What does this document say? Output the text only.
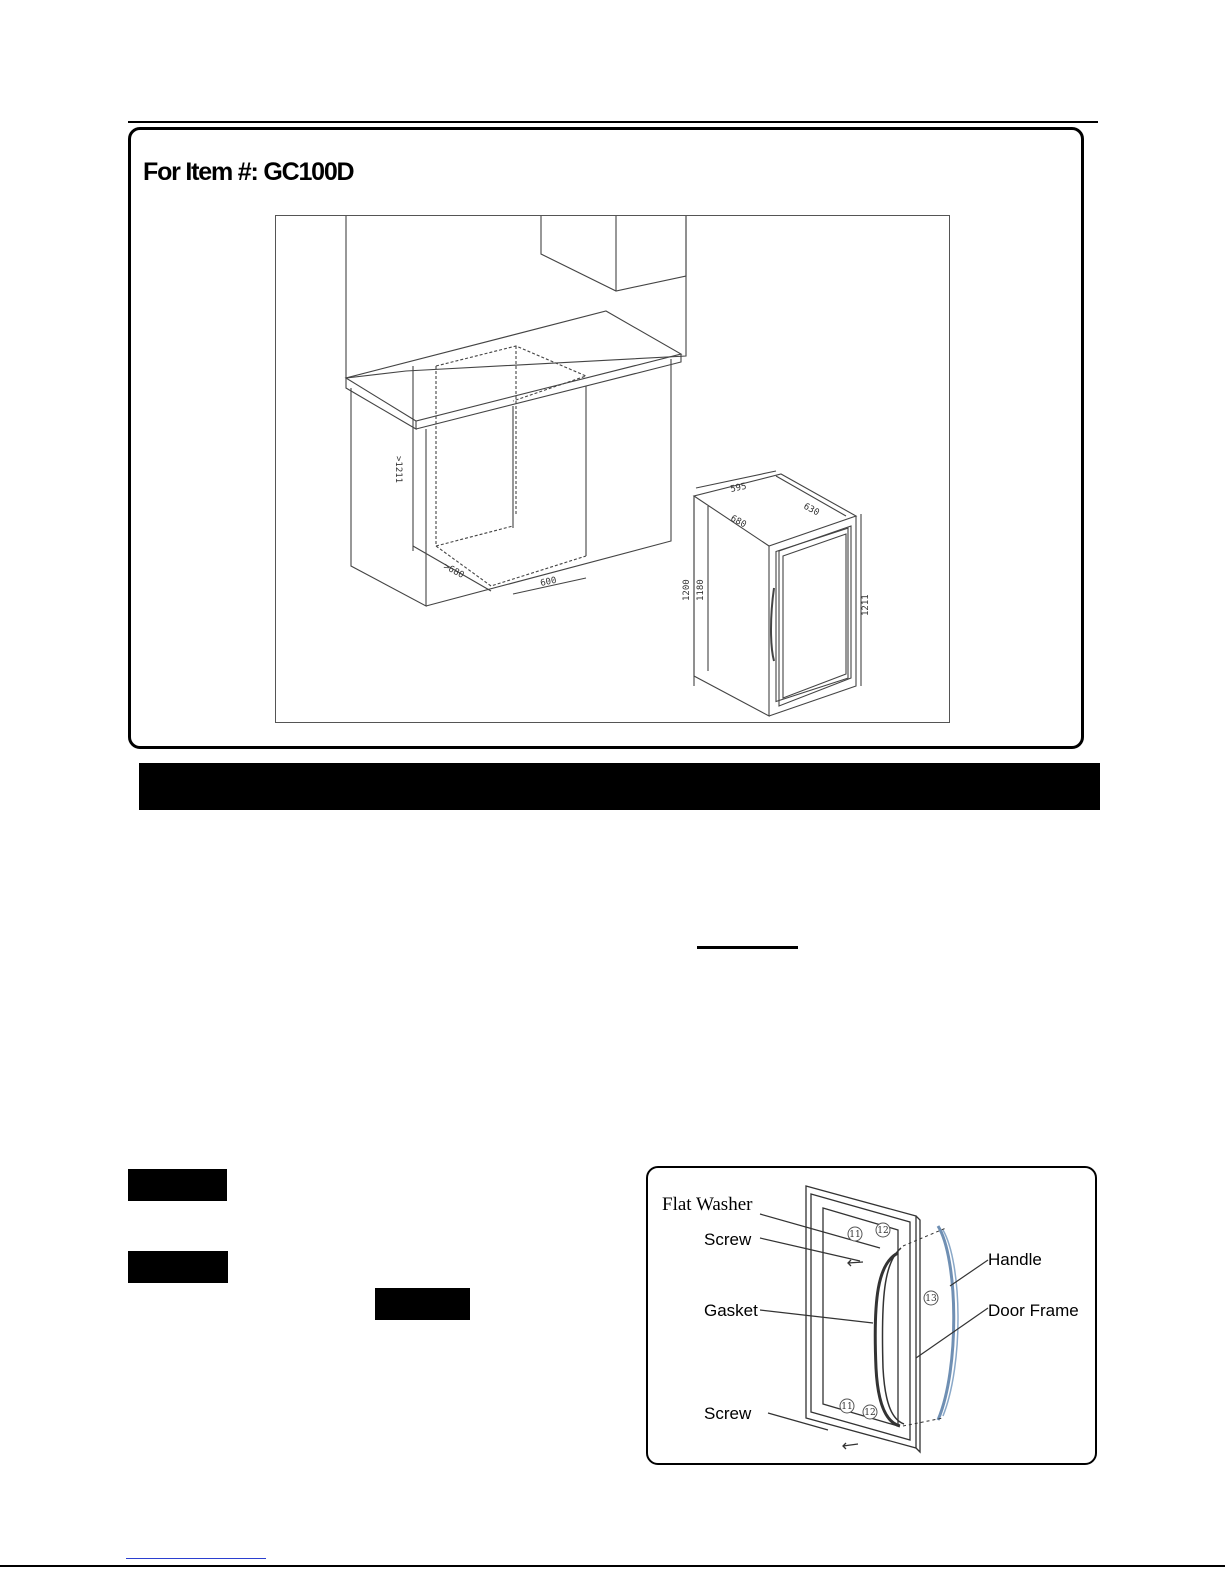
For Item #: GC100D
>1211
>680
600
595
630
680
1200 1180
1211
11 12
13
11
12
Flat Washer
Screw
Gasket
Screw
Handle
Door Frame
